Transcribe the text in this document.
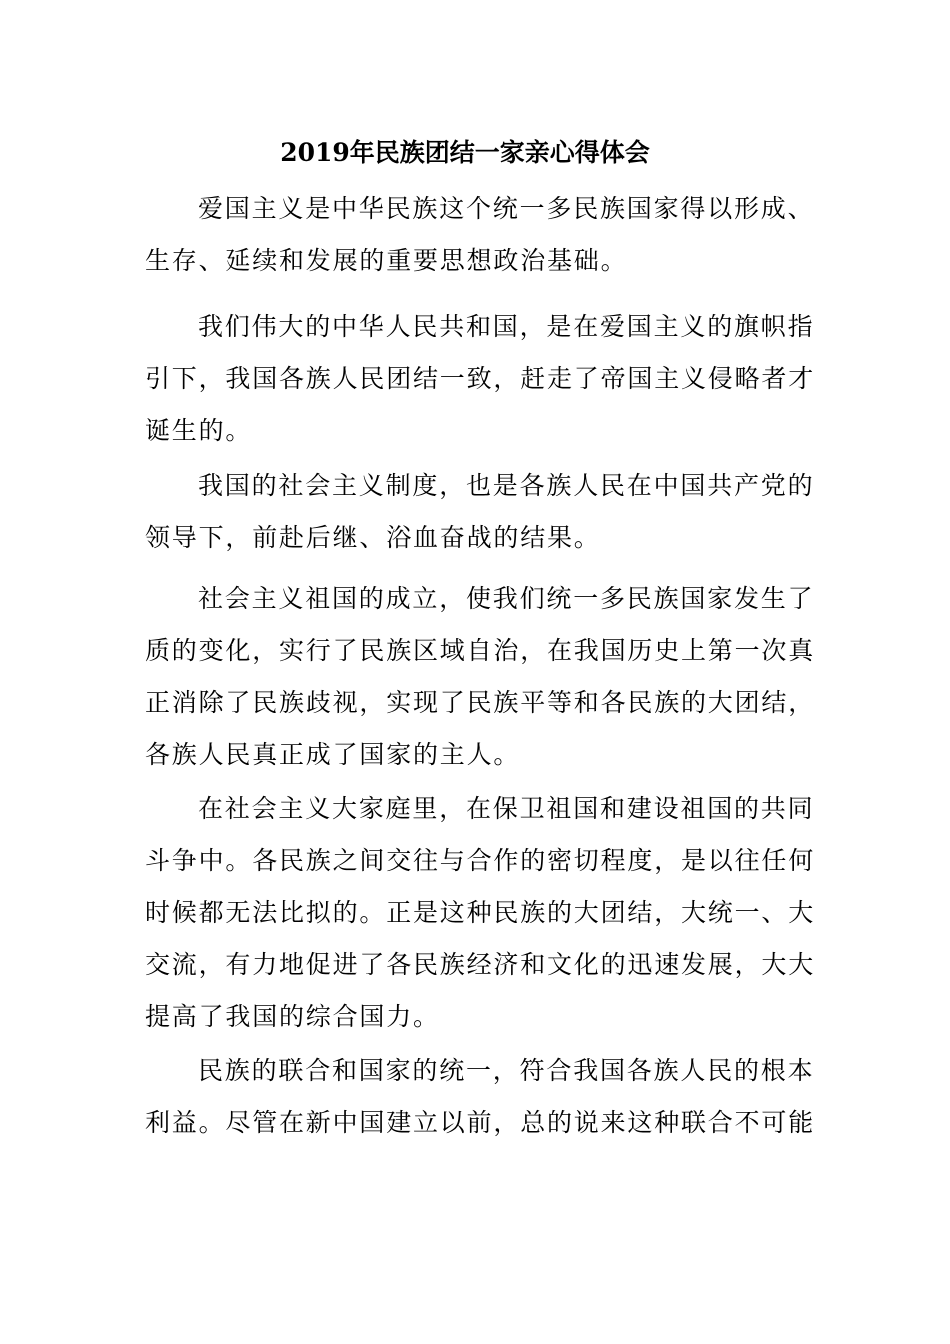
2019年民族团结一家亲心得体会
爱国主义是中华民族这个统一多民族国家得以形成、
生存、延续和发展的重要思想政治基础。
我们伟大的中华人民共和国，是在爱国主义的旗帜指
引下，我国各族人民团结一致，赶走了帝国主义侵略者才
诞生的。
我国的社会主义制度，也是各族人民在中国共产党的
领导下，前赴后继、浴血奋战的结果。
社会主义祖国的成立，使我们统一多民族国家发生了
质的变化，实行了民族区域自治，在我国历史上第一次真
正消除了民族歧视，实现了民族平等和各民族的大团结，
各族人民真正成了国家的主人。
在社会主义大家庭里，在保卫祖国和建设祖国的共同
斗争中。各民族之间交往与合作的密切程度，是以往任何
时候都无法比拟的。正是这种民族的大团结，大统一、大
交流，有力地促进了各民族经济和文化的迅速发展，大大
提高了我国的综合国力。
民族的联合和国家的统一，符合我国各族人民的根本
利益。尽管在新中国建立以前，总的说来这种联合不可能
